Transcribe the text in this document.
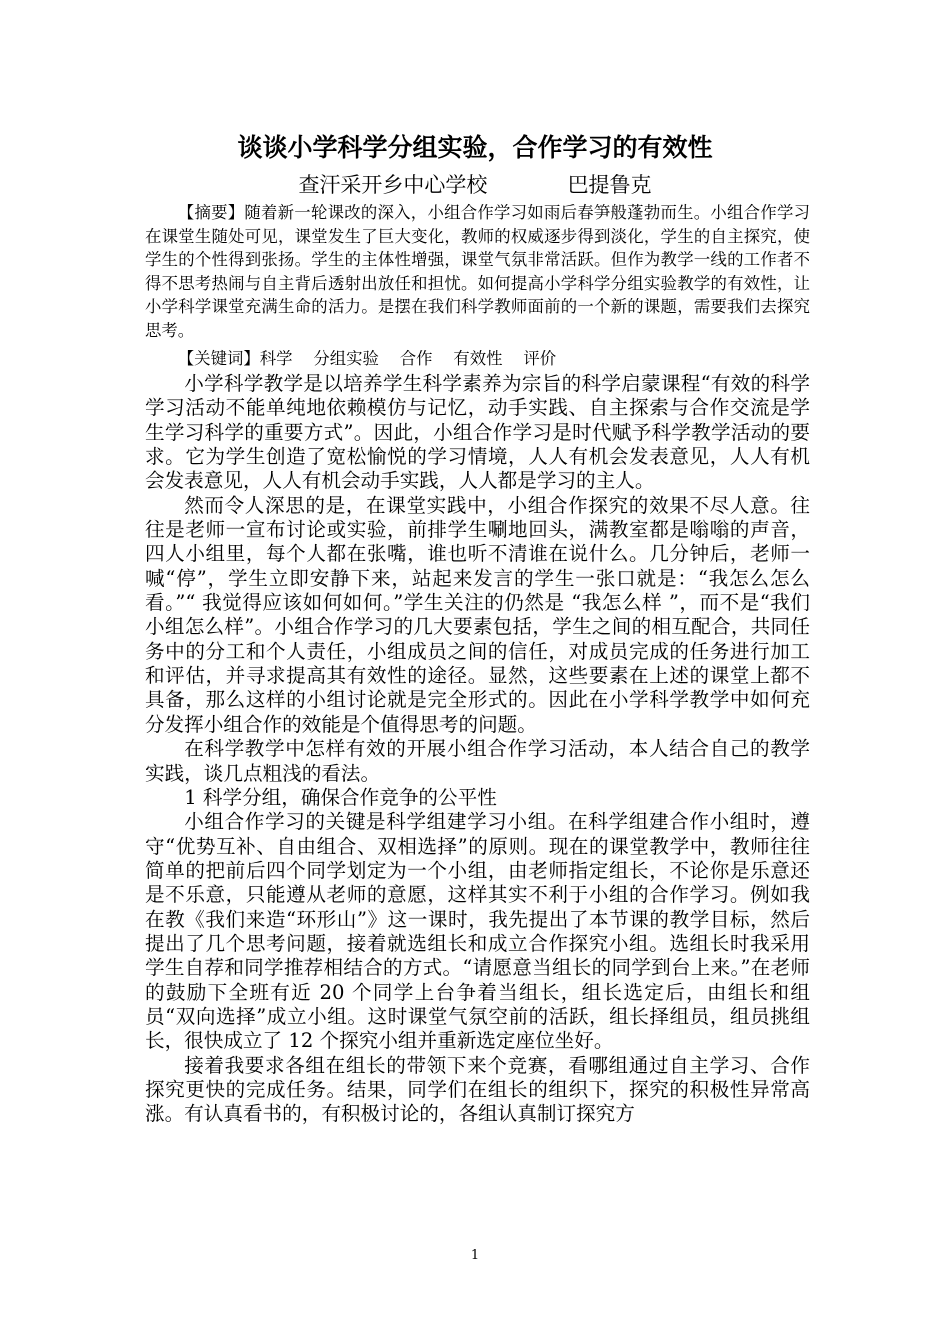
谈谈小学科学分组实验，合作学习的有效性
查汗采开乡中心学校            巴提鲁克

【摘要】随着新一轮课改的深入，小组合作学习如雨后春笋般蓬勃而生。小组合作学习在课堂生随处可见，课堂发生了巨大变化，教师的权威逐步得到淡化，学生的自主探究，使学生的个性得到张扬。学生的主体性增强，课堂气氛非常活跃。但作为教学一线的工作者不得不思考热闹与自主背后透射出放任和担忧。如何提高小学科学分组实验教学的有效性，让小学科学课堂充满生命的活力。是摆在我们科学教师面前的一个新的课题，需要我们去探究思考。

【关键词】科学    分组实验    合作    有效性    评价

小学科学教学是以培养学生科学素养为宗旨的科学启蒙课程“有效的科学学习活动不能单纯地依赖模仿与记忆，动手实践、自主探索与合作交流是学生学习科学的重要方式”。因此，小组合作学习是时代赋予科学教学活动的要求。它为学生创造了宽松愉悦的学习情境，人人有机会发表意见，人人有机会发表意见，人人有机会动手实践，人人都是学习的主人。

然而令人深思的是，在课堂实践中，小组合作探究的效果不尽人意。往往是老师一宣布讨论或实验，前排学生唰地回头，满教室都是嗡嗡的声音，四人小组里，每个人都在张嘴，谁也听不清谁在说什么。几分钟后，老师一喊“停”，学生立即安静下来，站起来发言的学生一张口就是：“我怎么怎么看。”“ 我觉得应该如何如何。”学生关注的仍然是 “我怎么样 ”，而不是“我们小组怎么样”。小组合作学习的几大要素包括，学生之间的相互配合，共同任务中的分工和个人责任，小组成员之间的信任，对成员完成的任务进行加工和评估，并寻求提高其有效性的途径。显然，这些要素在上述的课堂上都不具备，那么这样的小组讨论就是完全形式的。因此在小学科学教学中如何充分发挥小组合作的效能是个值得思考的问题。

在科学教学中怎样有效的开展小组合作学习活动，本人结合自己的教学实践，谈几点粗浅的看法。

1 科学分组，确保合作竞争的公平性

小组合作学习的关键是科学组建学习小组。在科学组建合作小组时，遵守“优势互补、自由组合、双相选择”的原则。现在的课堂教学中，教师往往简单的把前后四个同学划定为一个小组，由老师指定组长，不论你是乐意还是不乐意，只能遵从老师的意愿，这样其实不利于小组的合作学习。例如我在教《我们来造“环形山”》这一课时，我先提出了本节课的教学目标，然后提出了几个思考问题，接着就选组长和成立合作探究小组。选组长时我采用学生自荐和同学推荐相结合的方式。“请愿意当组长的同学到台上来。”在老师的鼓励下全班有近 20 个同学上台争着当组长，组长选定后，由组长和组员“双向选择”成立小组。这时课堂气氛空前的活跃，组长择组员，组员挑组长，很快成立了 12 个探究小组并重新选定座位坐好。

接着我要求各组在组长的带领下来个竞赛，看哪组通过自主学习、合作探究更快的完成任务。结果，同学们在组长的组织下，探究的积极性异常高涨。有认真看书的，有积极讨论的，各组认真制订探究方

1
